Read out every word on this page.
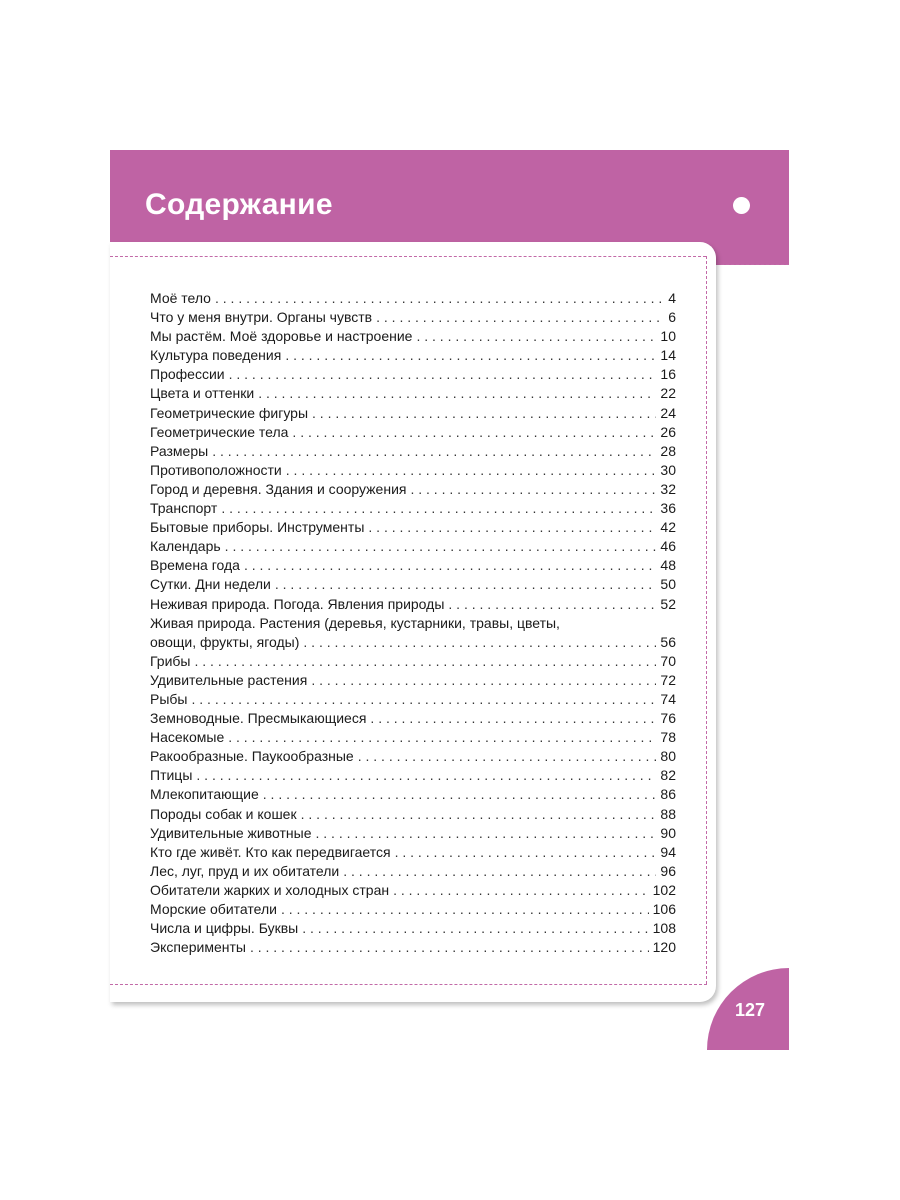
Содержание
Моё тело . . .	4
Что у меня внутри. Органы чувств . . .	6
Мы растём. Моё здоровье и настроение . . .	10
Культура поведения . . .	14
Профессии . . .	16
Цвета и оттенки . . .	22
Геометрические фигуры . . .	24
Геометрические тела . . .	26
Размеры . . .	28
Противоположности . . .	30
Город и деревня. Здания и сооружения . . .	32
Транспорт . . .	36
Бытовые приборы. Инструменты . . .	42
Календарь . . .	46
Времена года . . .	48
Сутки. Дни недели . . .	50
Неживая природа. Погода. Явления природы . . .	52
Живая природа. Растения (деревья, кустарники, травы, цветы,
овощи, фрукты, ягоды) . . .	56
Грибы . . .	70
Удивительные растения . . .	72
Рыбы . . .	74
Земноводные. Пресмыкающиеся . . .	76
Насекомые . . .	78
Ракообразные. Паукообразные . . .	80
Птицы . . .	82
Млекопитающие . . .	86
Породы собак и кошек . . .	88
Удивительные животные . . .	90
Кто где живёт. Кто как передвигается . . .	94
Лес, луг, пруд и их обитатели . . .	96
Обитатели жарких и холодных стран . . .	102
Морские обитатели . . .	106
Числа и цифры. Буквы . . .	108
Эксперименты . . .	120
127
